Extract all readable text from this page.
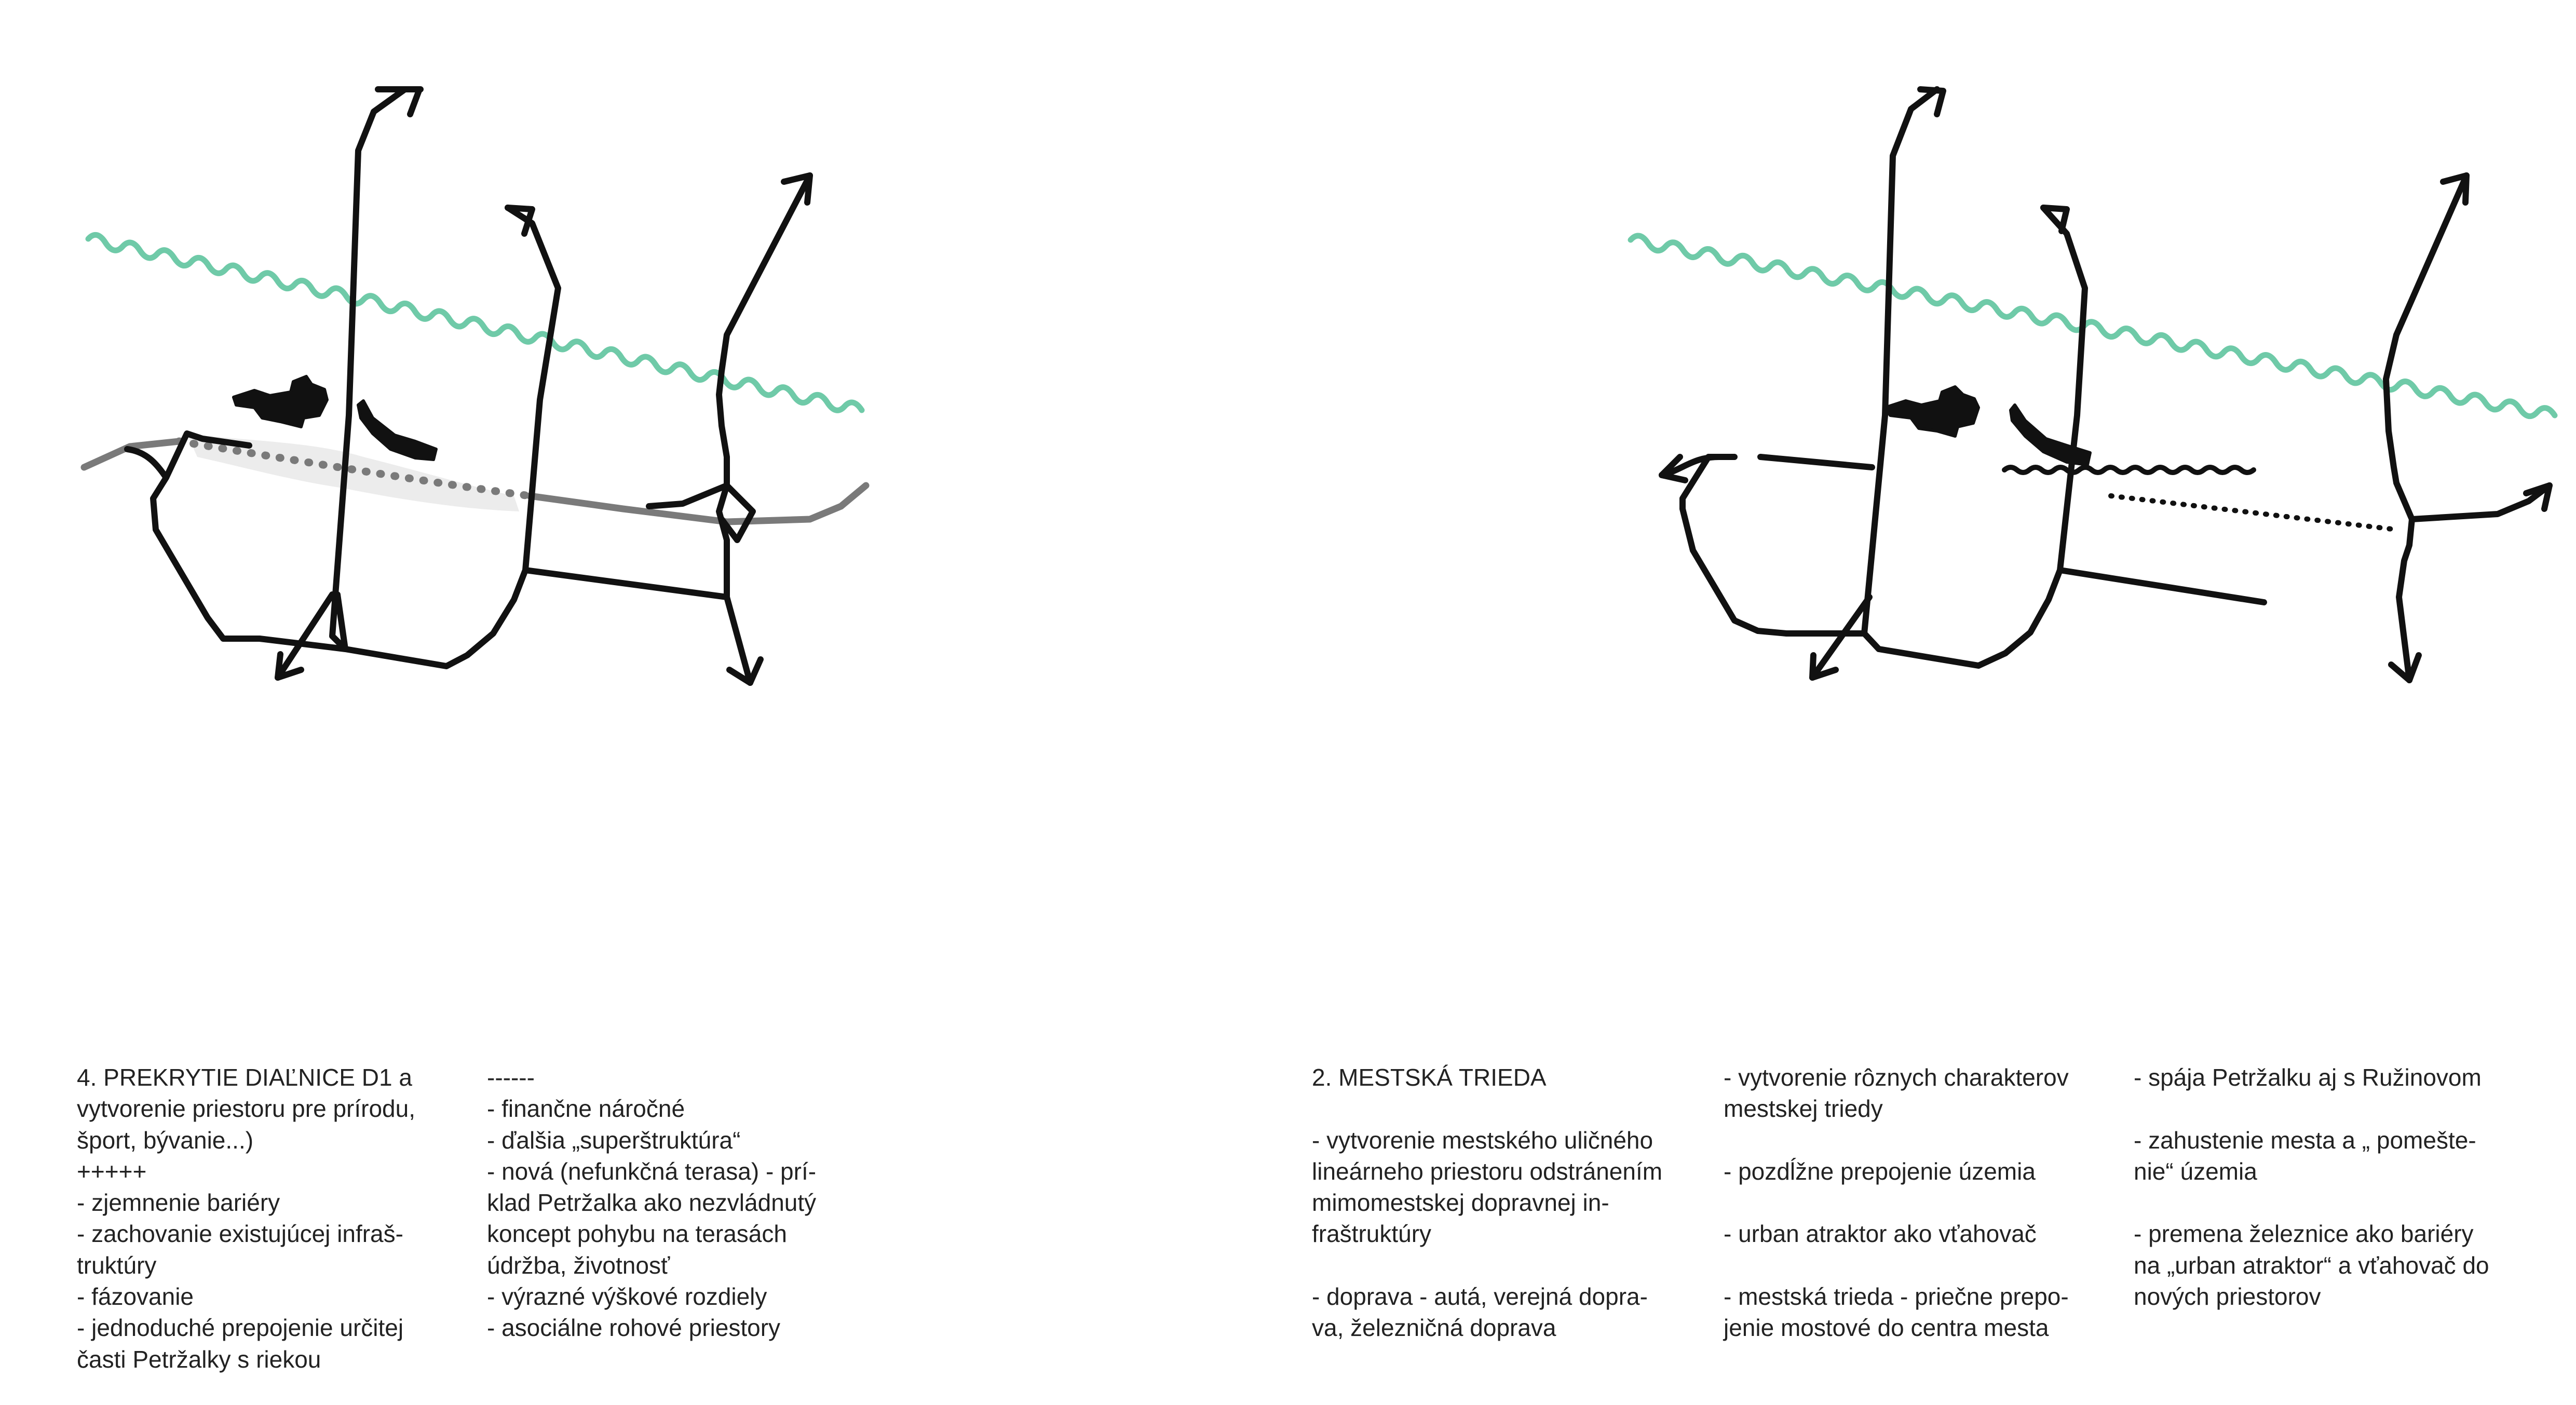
4. PREKRYTIE DIAĽNICE D1 a

vytvorenie priestoru pre prírodu,

šport, bývanie...)

+++++

- zjemnenie bariéry

- zachovanie existujúcej infraš-

truktúry

- fázovanie

- jednoduché prepojenie určitej

časti Petržalky s riekou

------

- finančne náročné

- ďalšia „superštruktúra“

- nová (nefunkčná terasa) - prí-

klad Petržalka ako nezvládnutý

koncept pohybu na terasách

údržba, životnosť

- výrazné výškové rozdiely

- asociálne rohové priestory

2. MESTSKÁ TRIEDA

- vytvorenie mestského uličného

lineárneho priestoru odstránením

mimomestskej dopravnej in-

fraštruktúry

- doprava - autá, verejná dopra-

va, železničná doprava

- vytvorenie rôznych charakterov

mestskej triedy

- pozdĺžne prepojenie územia

- urban atraktor ako vťahovač

- mestská trieda - priečne prepo-

jenie mostové do centra mesta

- spája Petržalku aj s Ružinovom

- zahustenie mesta a „ pomešte-

nie“ územia

- premena železnice ako bariéry

na „urban atraktor“ a vťahovač do

nových priestorov
